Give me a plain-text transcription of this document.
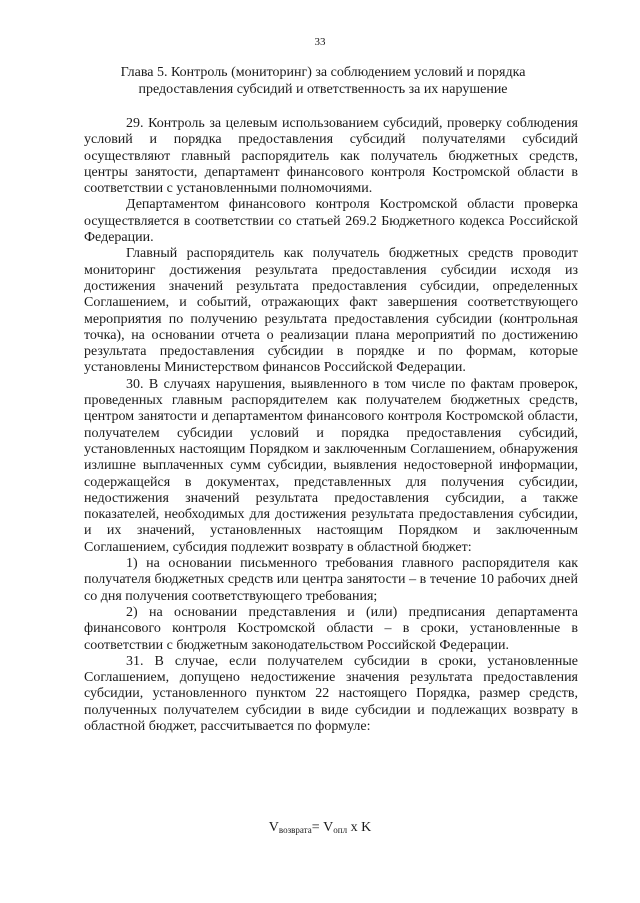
33
Глава 5. Контроль (мониторинг) за соблюдением условий и порядка
предоставления субсидий и ответственность за их нарушение

29. Контроль за целевым использованием субсидий, проверку соблюдения условий и порядка предоставления субсидий получателями субсидий осуществляют главный распорядитель как получатель бюджетных средств, центры занятости, департамент финансового контроля Костромской области в соответствии с установленными полномочиями.

Департаментом финансового контроля Костромской области проверка осуществляется в соответствии со статьей 269.2 Бюджетного кодекса Российской Федерации.

Главный распорядитель как получатель бюджетных средств проводит мониторинг достижения результата предоставления субсидии исходя из достижения значений результата предоставления субсидии, определенных Соглашением, и событий, отражающих факт завершения соответствующего мероприятия по получению результата предоставления субсидии (контрольная точка), на основании отчета о реализации плана мероприятий по достижению результата предоставления субсидии в порядке и по формам, которые установлены Министерством финансов Российской Федерации.

30. В случаях нарушения, выявленного в том числе по фактам проверок, проведенных главным распорядителем как получателем бюджетных средств, центром занятости и департаментом финансового контроля Костромской области, получателем субсидии условий и порядка предоставления субсидий, установленных настоящим Порядком и заключенным Соглашением, обнаружения излишне выплаченных сумм субсидии, выявления недостоверной информации, содержащейся в документах, представленных для получения субсидии, недостижения значений результата предоставления субсидии, а также показателей, необходимых для достижения результата предоставления субсидии, и их значений, установленных настоящим Порядком и заключенным Соглашением, субсидия подлежит возврату в областной бюджет:

1) на основании письменного требования главного распорядителя как получателя бюджетных средств или центра занятости – в течение 10 рабочих дней со дня получения соответствующего требования;

2) на основании представления и (или) предписания департамента финансового контроля Костромской области – в сроки, установленные в соответствии с бюджетным законодательством Российской Федерации.

31. В случае, если получателем субсидии в сроки, установленные Соглашением, допущено недостижение значения результата предоставления субсидии, установленного пунктом 22 настоящего Порядка, размер средств, полученных получателем субсидии в виде субсидии и подлежащих возврату в областной бюджет, рассчитывается по формуле:

$V_{возврата}= V_{опл}$ x K
